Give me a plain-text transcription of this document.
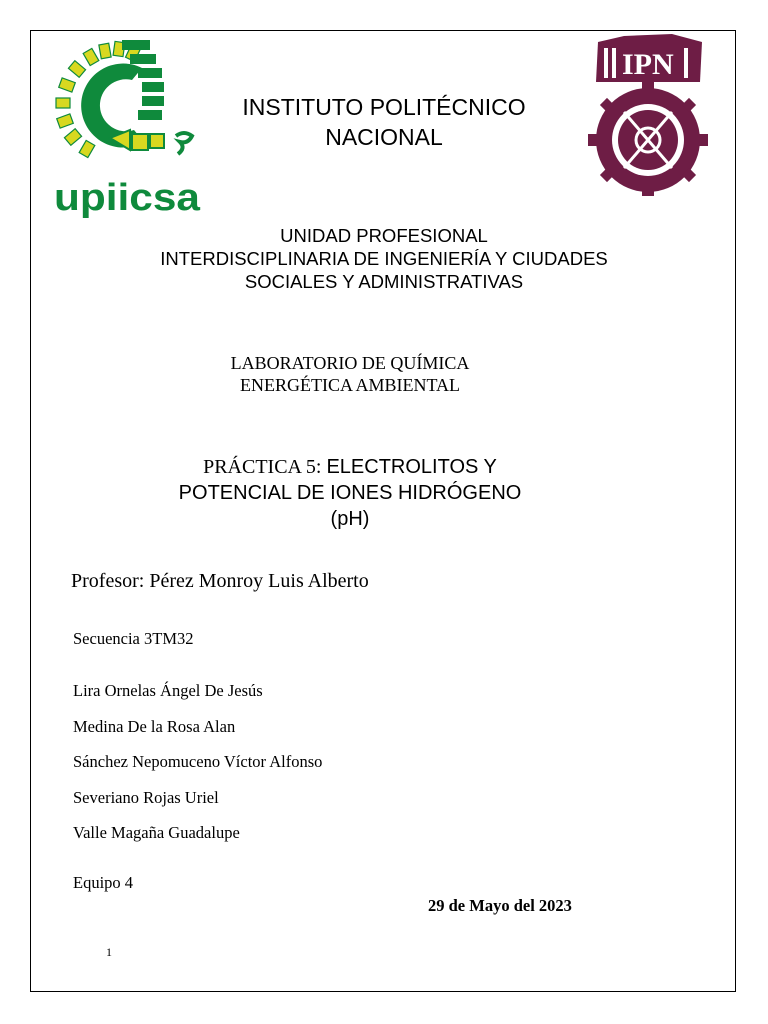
upiicsa
IPN
INSTITUTO POLITÉCNICO
NACIONAL
UNIDAD PROFESIONAL
INTERDISCIPLINARIA DE INGENIERÍA Y CIUDADES
SOCIALES Y ADMINISTRATIVAS
LABORATORIO DE QUÍMICA
ENERGÉTICA AMBIENTAL
PRÁCTICA 5: ELECTROLITOS Y
POTENCIAL DE IONES HIDRÓGENO
(pH)
Profesor: Pérez Monroy Luis Alberto
Secuencia 3TM32
Lira Ornelas Ángel De Jesús
Medina De la Rosa Alan
Sánchez Nepomuceno Víctor Alfonso
Severiano Rojas Uriel
Valle Magaña Guadalupe
Equipo 4
29 de Mayo del 2023
1
